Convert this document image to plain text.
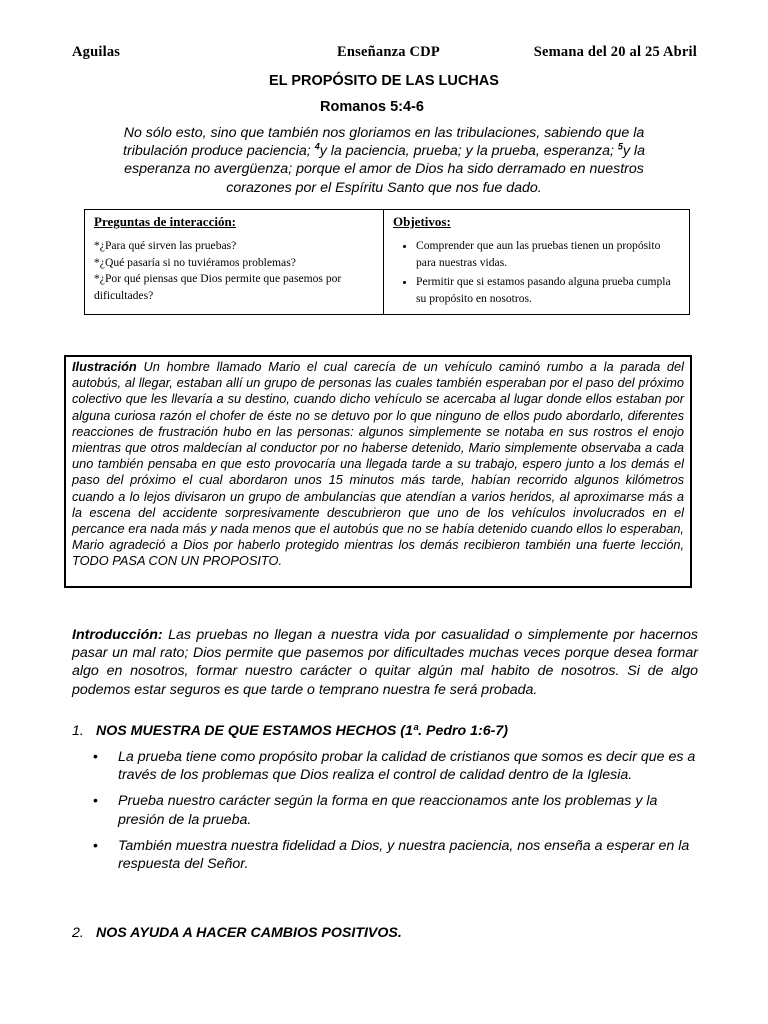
Aguilas	Enseñanza CDP	Semana del 20 al 25 Abril
EL PROPÓSITO DE LAS LUCHAS
Romanos 5:4-6
No sólo esto, sino que también nos gloriamos en las tribulaciones, sabiendo que la tribulación produce paciencia; $^4$y la paciencia, prueba; y la prueba, esperanza; $^5$y la esperanza no avergüenza; porque el amor de Dios ha sido derramado en nuestros corazones por el Espíritu Santo que nos fue dado.
Preguntas de interacción:
*¿Para qué sirven las pruebas?
*¿Qué pasaría si no tuviéramos problemas?
*¿Por qué piensas que Dios permite que pasemos por dificultades?

Objetivos:
• Comprender que aun las pruebas tienen un propósito para nuestras vidas.
• Permitir que si estamos pasando alguna prueba cumpla su propósito en nosotros.
Ilustración Un hombre llamado Mario el cual carecía de un vehículo caminó rumbo a la parada del autobús, al llegar, estaban allí un grupo de personas las cuales también esperaban por el paso del próximo colectivo que les llevaría a su destino, cuando dicho vehículo se acercaba al lugar donde ellos estaban por alguna curiosa razón el chofer de éste no se detuvo por lo que ninguno de ellos pudo abordarlo, diferentes reacciones de frustración hubo en las personas: algunos simplemente se notaba en sus rostros el enojo mientras que otros maldecían al conductor por no haberse detenido, Mario simplemente observaba a cada uno también pensaba en que esto provocaría una llegada tarde a su trabajo, espero junto a los demás el paso del próximo el cual abordaron unos 15 minutos más tarde, habían recorrido algunos kilómetros cuando a lo lejos divisaron un grupo de ambulancias que atendían a varios heridos, al aproximarse más a la escena del accidente sorpresivamente descubrieron que uno de los vehículos involucrados en el percance era nada más y nada menos que el autobús que no se había detenido cuando ellos lo esperaban, Mario agradeció a Dios por haberlo protegido mientras los demás recibieron también una fuerte lección, TODO PASA CON UN PROPOSITO.
Introducción: Las pruebas no llegan a nuestra vida por casualidad o simplemente por hacernos pasar un mal rato; Dios permite que pasemos por dificultades muchas veces porque desea formar algo en nosotros, formar nuestro carácter o quitar algún mal habito de nosotros. Si de algo podemos estar seguros es que tarde o temprano nuestra fe será probada.
1. NOS MUESTRA DE QUE ESTAMOS HECHOS (1ª. Pedro 1:6-7)
• La prueba tiene como propósito probar la calidad de cristianos que somos es decir que es a través de los problemas que Dios realiza el control de calidad dentro de la Iglesia.
• Prueba nuestro carácter según la forma en que reaccionamos ante los problemas y la presión de la prueba.
• También muestra nuestra fidelidad a Dios, y nuestra paciencia, nos enseña a esperar en la respuesta del Señor.
2. NOS AYUDA A HACER CAMBIOS POSITIVOS.
